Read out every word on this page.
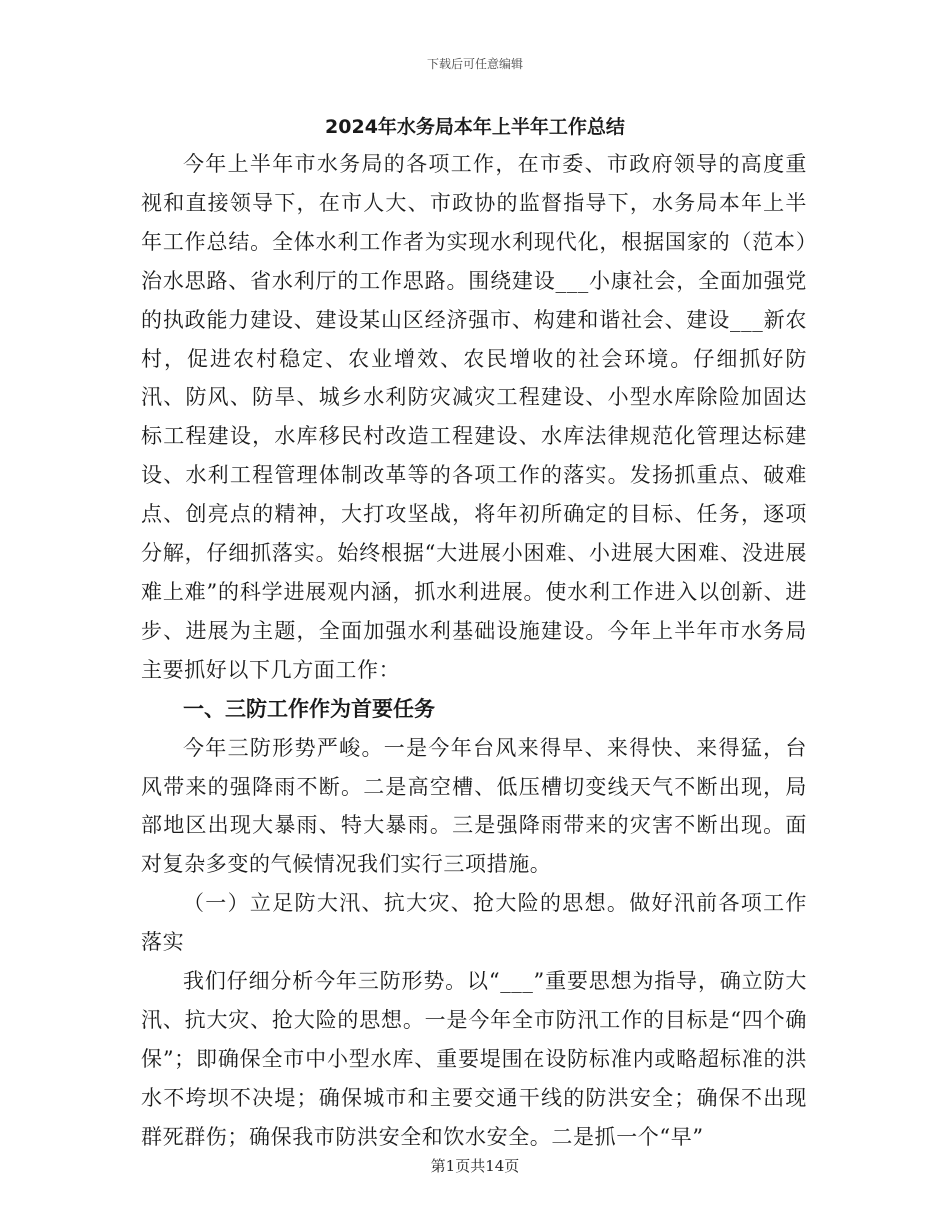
下载后可任意编辑
2024年水务局本年上半年工作总结

今年上半年市水务局的各项工作，在市委、市政府领导的高度重视和直接领导下，在市人大、市政协的监督指导下，水务局本年上半年工作总结。全体水利工作者为实现水利现代化，根据国家的（范本）治水思路、省水利厅的工作思路。围绕建设___小康社会，全面加强党的执政能力建设、建设某山区经济强市、构建和谐社会、建设___新农村，促进农村稳定、农业增效、农民增收的社会环境。仔细抓好防汛、防风、防旱、城乡水利防灾减灾工程建设、小型水库除险加固达标工程建设，水库移民村改造工程建设、水库法律规范化管理达标建设、水利工程管理体制改革等的各项工作的落实。发扬抓重点、破难点、创亮点的精神，大打攻坚战，将年初所确定的目标、任务，逐项分解，仔细抓落实。始终根据“大进展小困难、小进展大困难、没进展难上难”的科学进展观内涵，抓水利进展。使水利工作进入以创新、进步、进展为主题，全面加强水利基础设施建设。今年上半年市水务局主要抓好以下几方面工作：

一、三防工作作为首要任务

今年三防形势严峻。一是今年台风来得早、来得快、来得猛，台风带来的强降雨不断。二是高空槽、低压槽切变线天气不断出现，局部地区出现大暴雨、特大暴雨。三是强降雨带来的灾害不断出现。面对复杂多变的气候情况我们实行三项措施。

（一）立足防大汛、抗大灾、抢大险的思想。做好汛前各项工作落实

我们仔细分析今年三防形势。以“___”重要思想为指导，确立防大汛、抗大灾、抢大险的思想。一是今年全市防汛工作的目标是“四个确保”；即确保全市中小型水库、重要堤围在设防标准内或略超标准的洪水不垮坝不决堤；确保城市和主要交通干线的防洪安全；确保不出现群死群伤；确保我市防洪安全和饮水安全。二是抓一个“早”

第1页共14页
